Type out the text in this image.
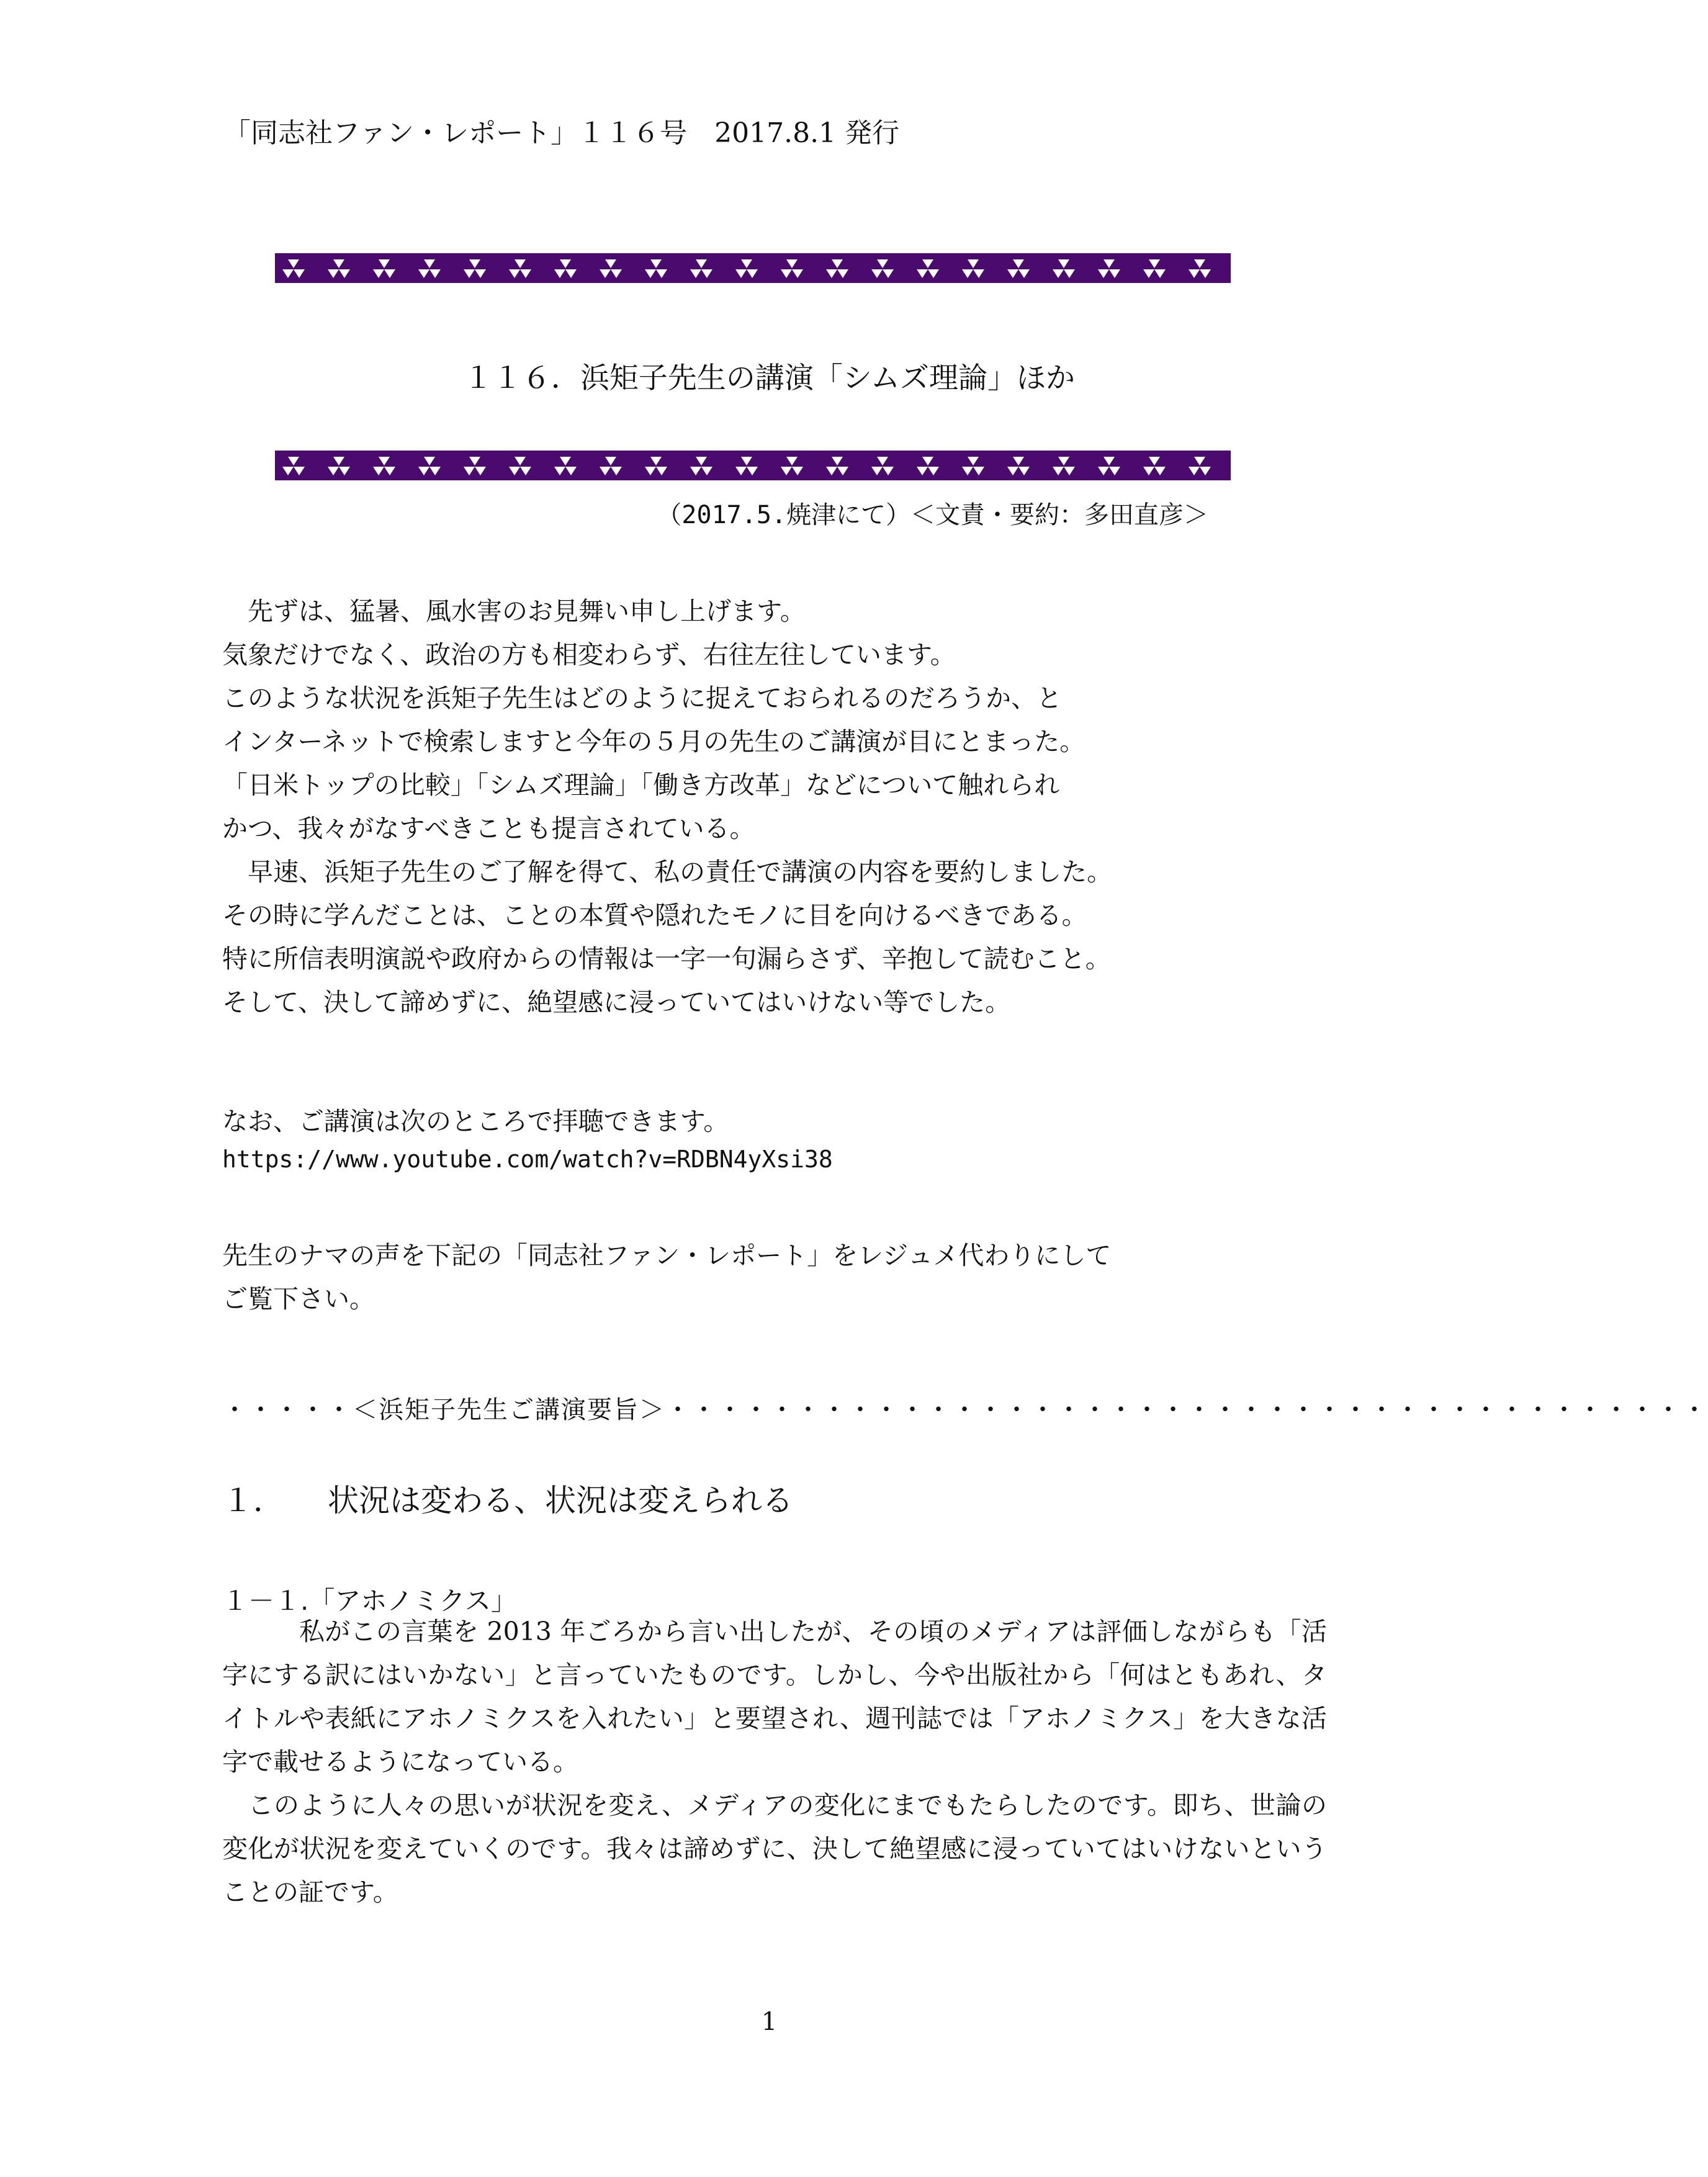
「同志社ファン・レポート」１１６号　2017.8.1 発行
１１６．浜矩子先生の講演「シムズ理論」ほか
（2017.5.焼津にて）＜文責・要約：多田直彦＞
　先ずは、猛暑、風水害のお見舞い申し上げます。
気象だけでなく、政治の方も相変わらず、右往左往しています。
このような状況を浜矩子先生はどのように捉えておられるのだろうか、と
インターネットで検索しますと今年の５月の先生のご講演が目にとまった。
「日米トップの比較」「シムズ理論」「働き方改革」などについて触れられ
かつ、我々がなすべきことも提言されている。
　早速、浜矩子先生のご了解を得て、私の責任で講演の内容を要約しました。
その時に学んだことは、ことの本質や隠れたモノに目を向けるべきである。
特に所信表明演説や政府からの情報は一字一句漏らさず、辛抱して読むこと。
そして、決して諦めずに、絶望感に浸っていてはいけない等でした。
なお、ご講演は次のところで拝聴できます。
https://www.youtube.com/watch?v=RDBN4yXsi38
先生のナマの声を下記の「同志社ファン・レポート」をレジュメ代わりにして
ご覧下さい。
・・・・・＜浜矩子先生ご講演要旨＞・・・・・・・・・・・・・・・・・・・・・・・・・・・・・・・・・・・・・・・・
１． 状況は変わる、状況は変えられる
１－１.「アホノミクス」

　　　私がこの言葉を 2013 年ごろから言い出したが、その頃のメディアは評価しながらも「活字にする訳にはいかない」と言っていたものです。しかし、今や出版社から「何はともあれ、タイトルや表紙にアホノミクスを入れたい」と要望され、週刊誌では「アホノミクス」を大きな活字で載せるようになっている。

　このように人々の思いが状況を変え、メディアの変化にまでもたらしたのです。即ち、世論の変化が状況を変えていくのです。我々は諦めずに、決して絶望感に浸っていてはいけないということの証です。

1
